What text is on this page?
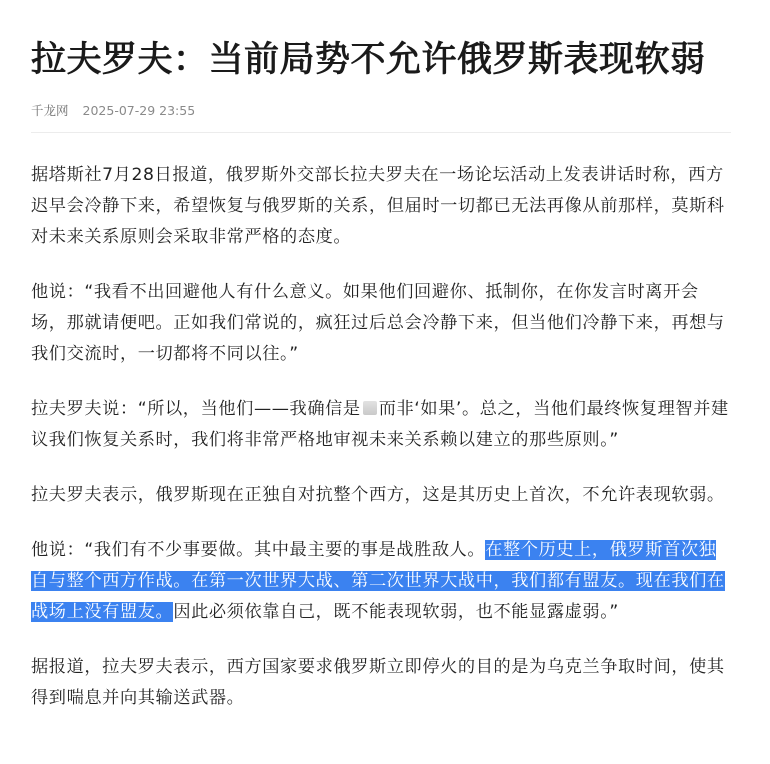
拉夫罗夫：当前局势不允许俄罗斯表现软弱
千龙网 2025-07-29 23:55

据塔斯社7月28日报道，俄罗斯外交部长拉夫罗夫在一场论坛活动上发表讲话时称，西方迟早会冷静下来，希望恢复与俄罗斯的关系，但届时一切都已无法再像从前那样，莫斯科对未来关系原则会采取非常严格的态度。

他说：“我看不出回避他人有什么意义。如果他们回避你、抵制你，在你发言时离开会场，那就请便吧。正如我们常说的，疯狂过后总会冷静下来，但当他们冷静下来，再想与我们交流时，一切都将不同以往。”

拉夫罗夫说：“所以，当他们——我确信是 而非‘如果’。总之，当他们最终恢复理智并建议我们恢复关系时，我们将非常严格地审视未来关系赖以建立的那些原则。”

拉夫罗夫表示，俄罗斯现在正独自对抗整个西方，这是其历史上首次，不允许表现软弱。

他说：“我们有不少事要做。其中最主要的事是战胜敌人。在整个历史上，俄罗斯首次独自与整个西方作战。在第一次世界大战、第二次世界大战中，我们都有盟友。现在我们在战场上没有盟友。因此必须依靠自己，既不能表现软弱，也不能显露虚弱。”

据报道，拉夫罗夫表示，西方国家要求俄罗斯立即停火的目的是为乌克兰争取时间，使其得到喘息并向其输送武器。
